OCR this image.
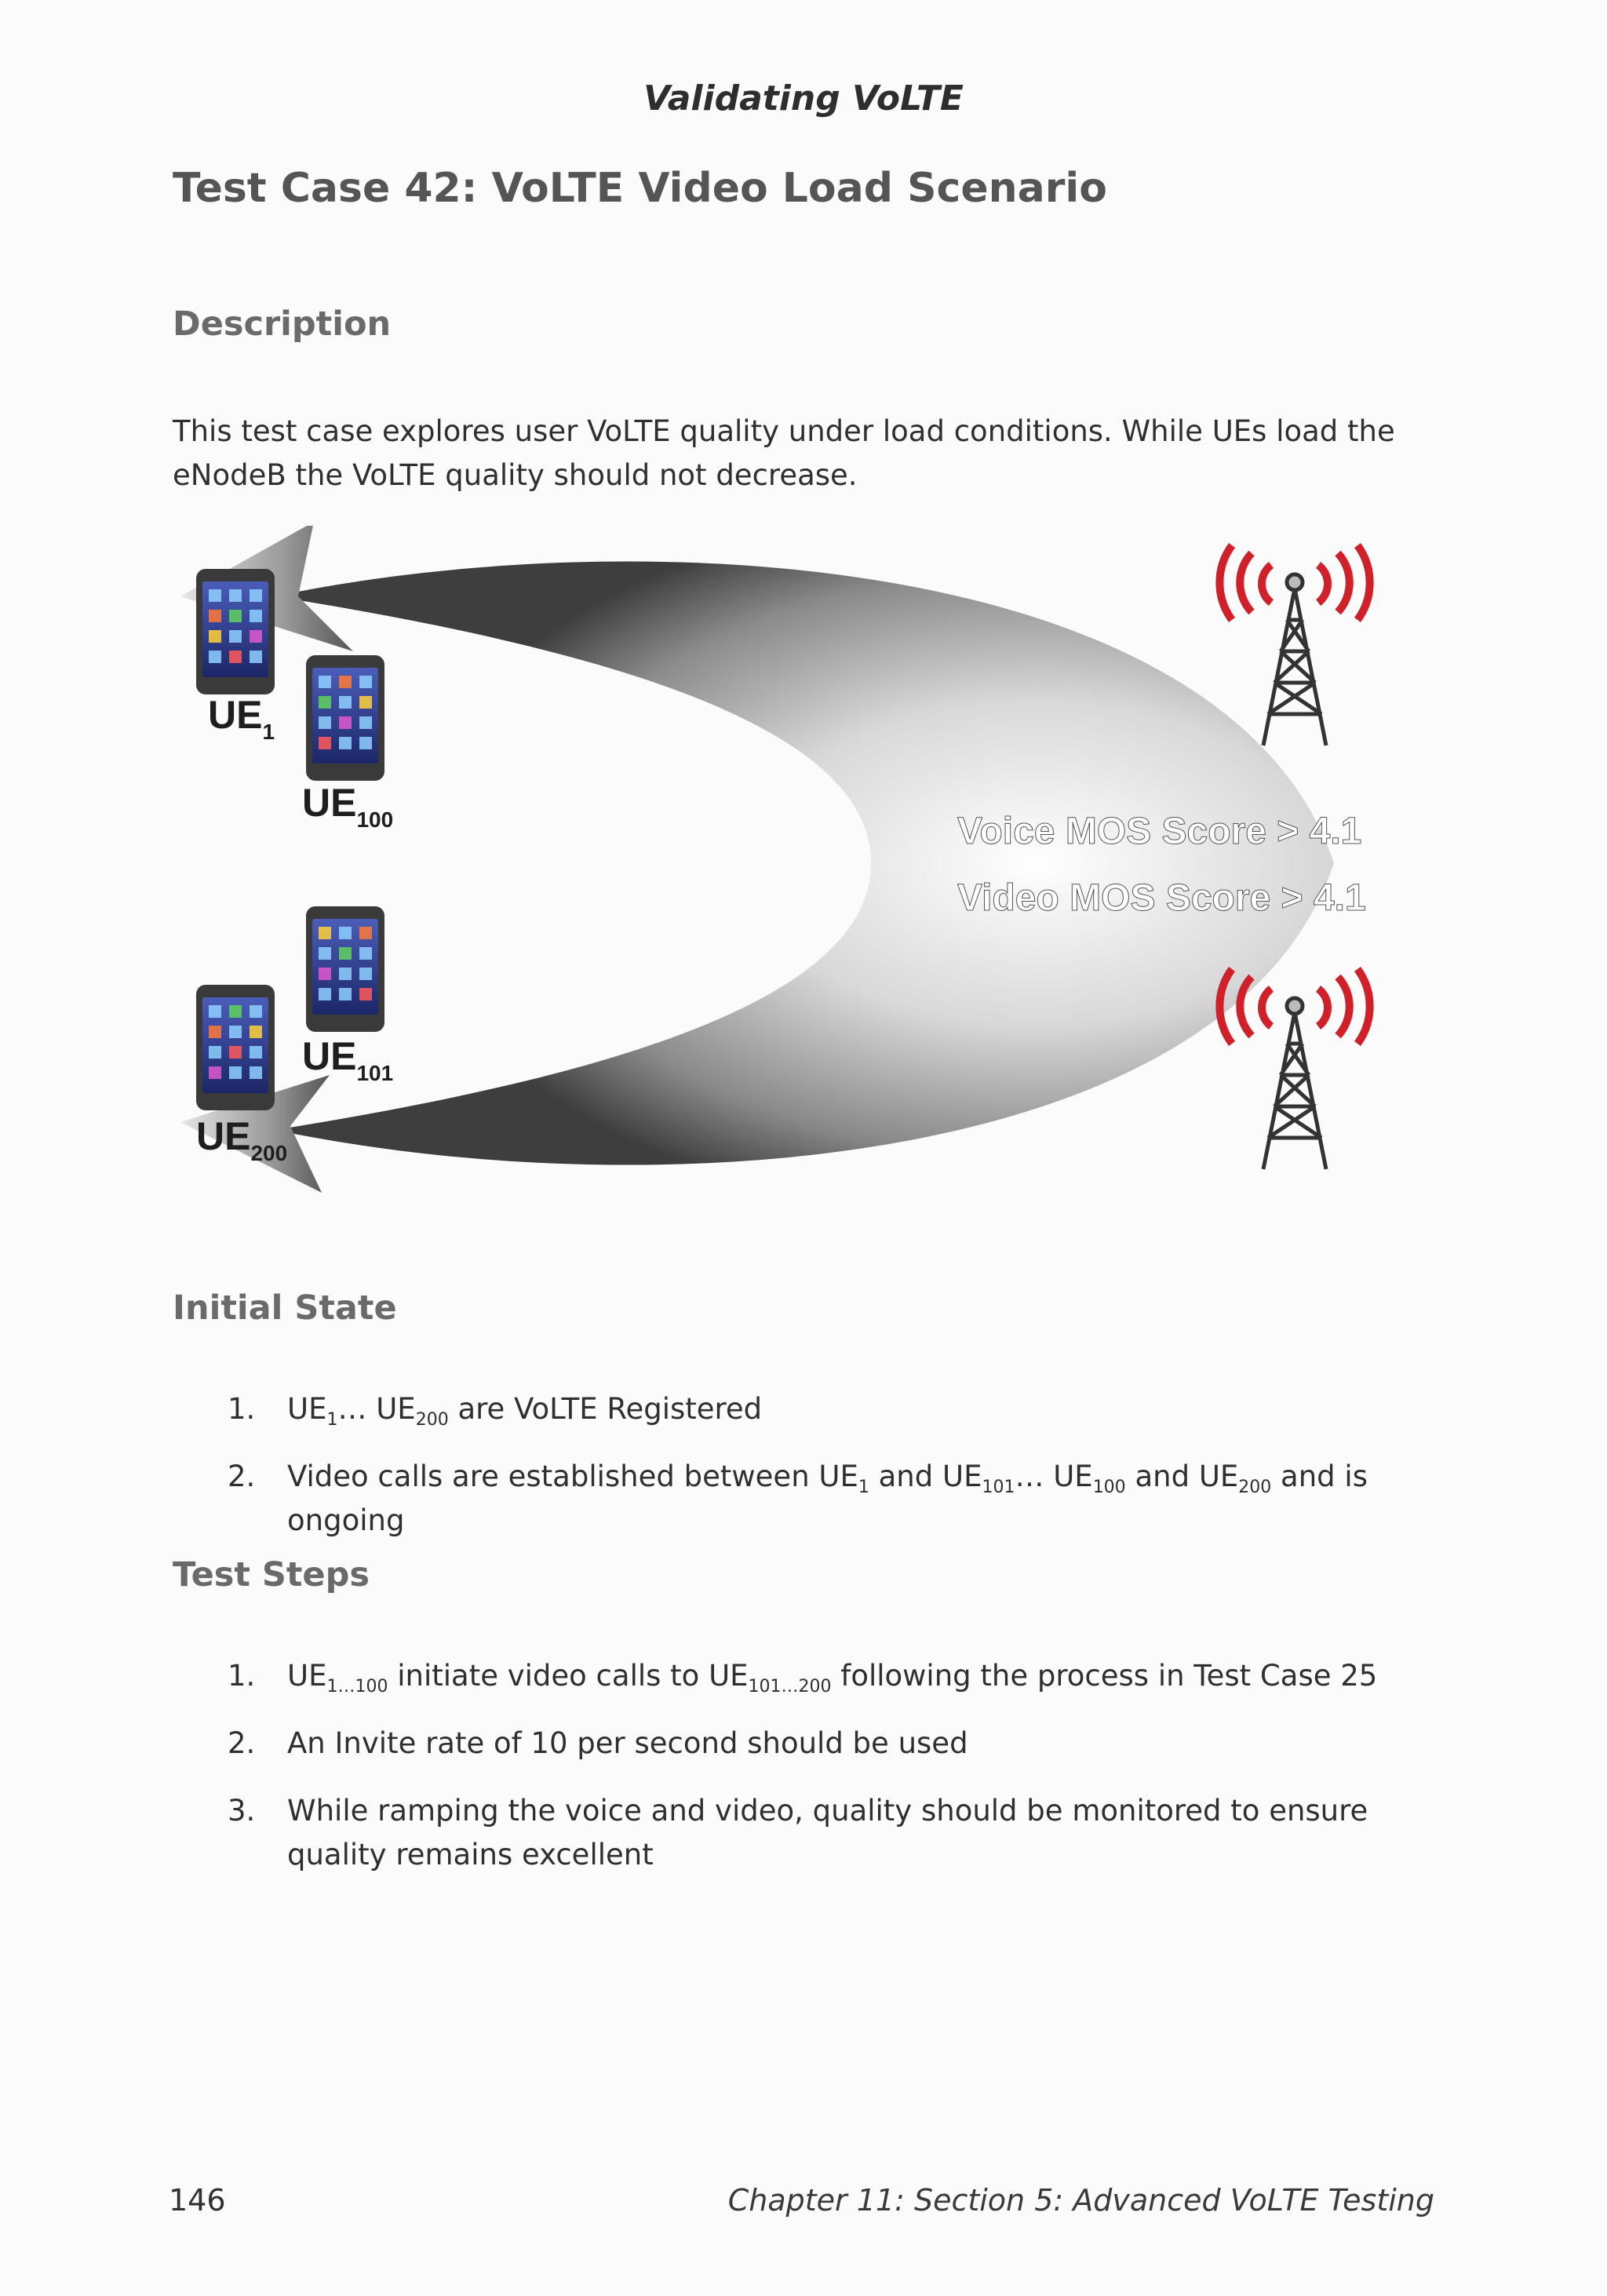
Validating VoLTE
Test Case 42: VoLTE Video Load Scenario
Description
This test case explores user VoLTE quality under load conditions. While UEs load the eNodeB the VoLTE quality should not decrease.
$UE_1$
$UE_{100}$
$UE_{101}$
$UE_{200}$
Voice MOS Score > 4.1
Video MOS Score > 4.1
Initial State
1. $UE_1\dots$ $UE_{200}$ are VoLTE Registered
2. Video calls are established between $UE_1$ and $UE_{101}\dots$ $UE_{100}$ and $UE_{200}$ and is ongoing
Test Steps
1. $UE_{1\dots 100}$ initiate video calls to $UE_{101\dots 200}$ following the process in Test Case 25
2. An Invite rate of 10 per second should be used
3. While ramping the voice and video, quality should be monitored to ensure quality remains excellent
146	Chapter 11: Section 5: Advanced VoLTE Testing
